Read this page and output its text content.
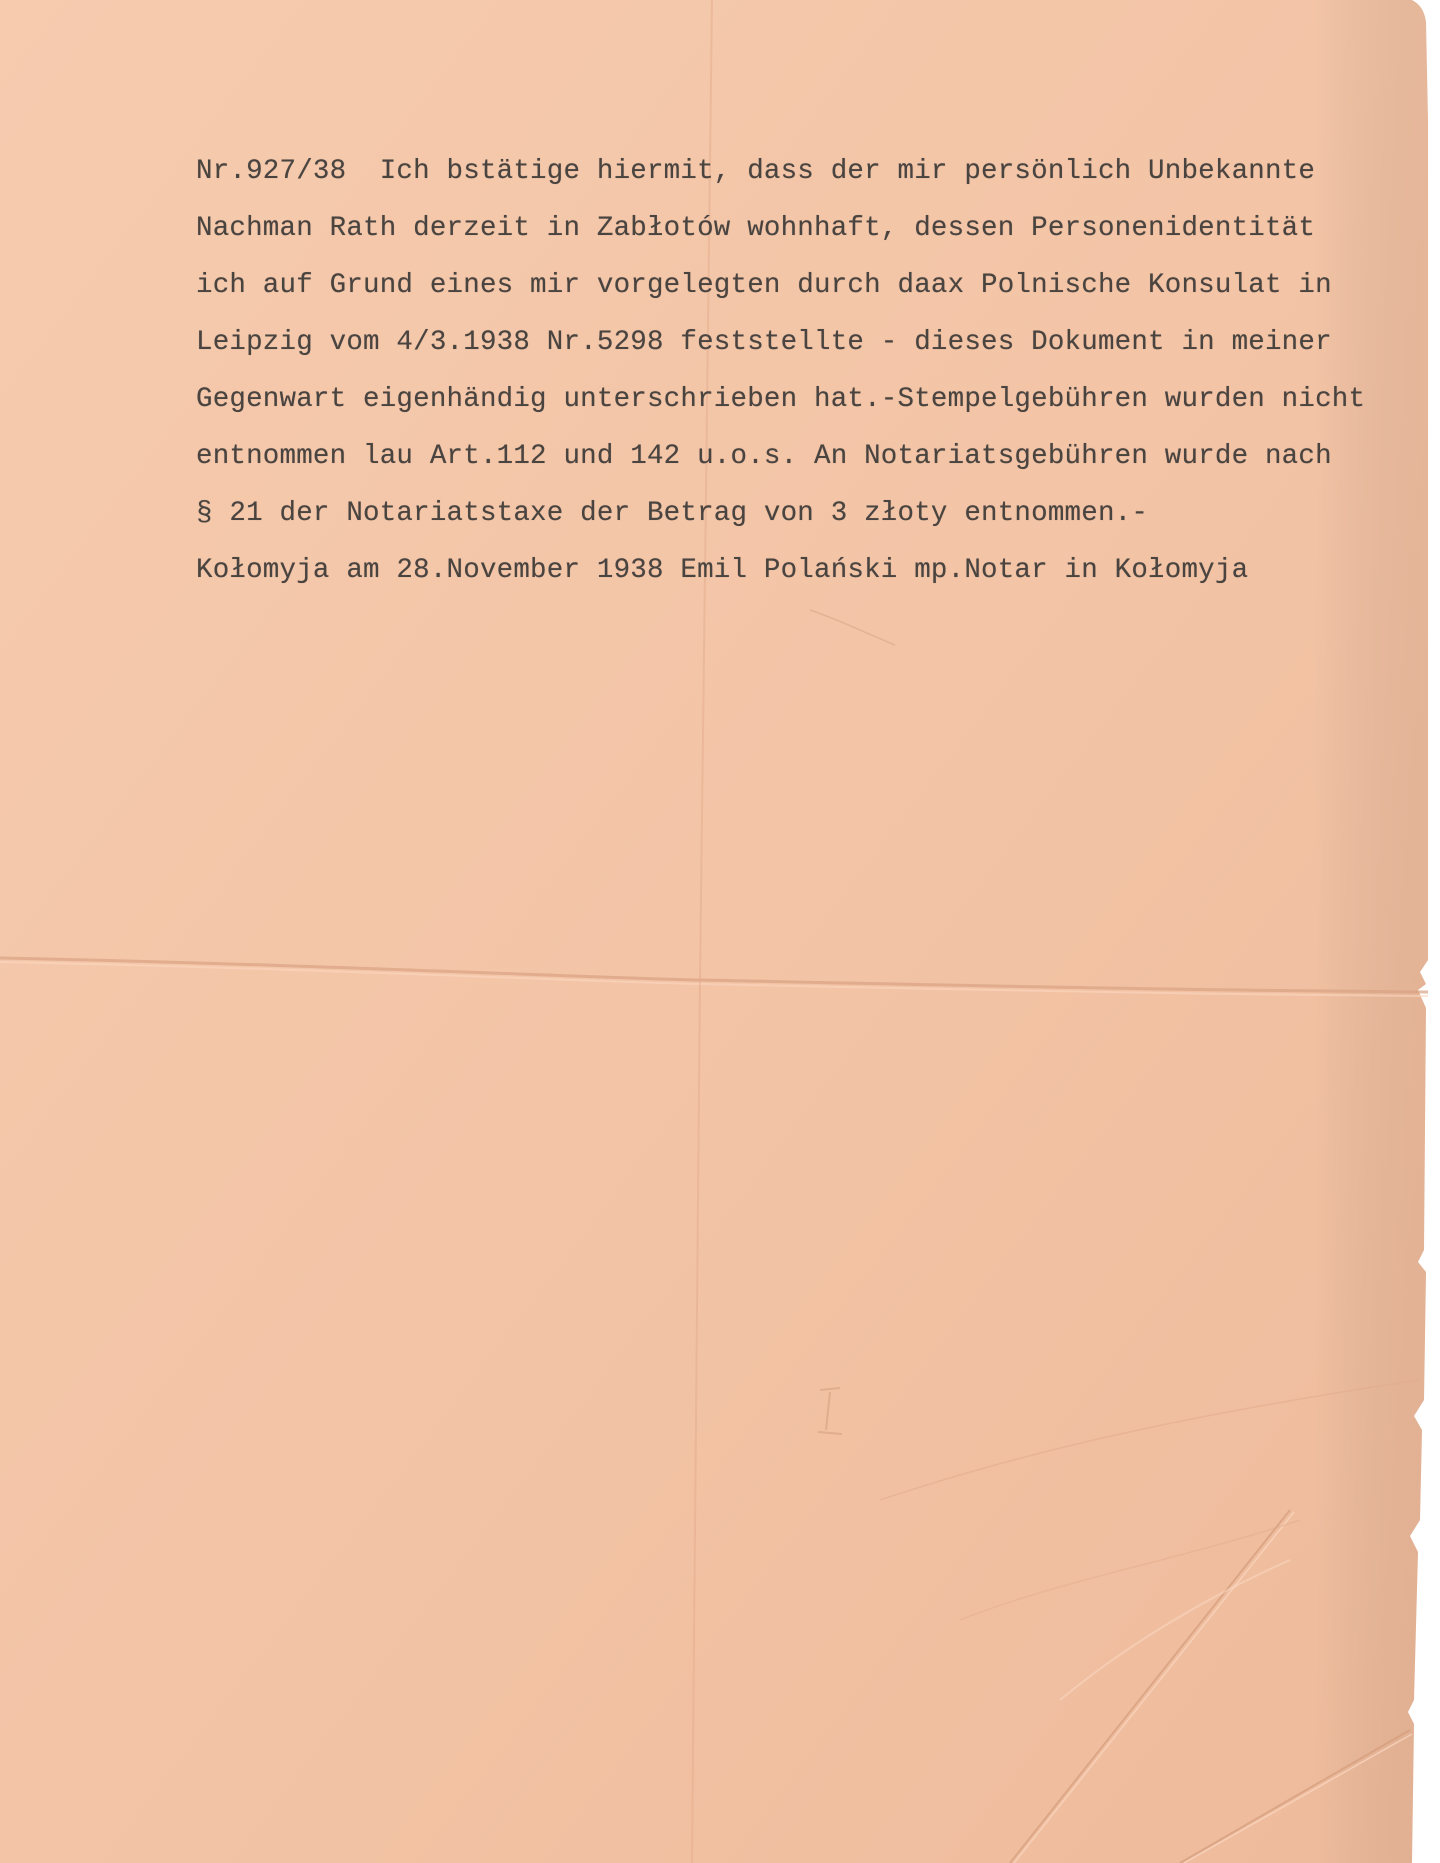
Nr.927/38  Ich bstätige hiermit, dass der mir persönlich Unbekannte
Nachman Rath derzeit in Zabłotów wohnhaft, dessen Personenidentität
ich auf Grund eines mir vorgelegten durch daax Polnische Konsulat in
Leipzig vom 4/3.1938 Nr.5298 feststellte - dieses Dokument in meiner
Gegenwart eigenhändig unterschrieben hat.-Stempelgebühren wurden nicht
entnommen lau Art.112 und 142 u.o.s. An Notariatsgebühren wurde nach
§ 21 der Notariatstaxe der Betrag von 3 złoty entnommen.-
Kołomyja am 28.November 1938 Emil Polański mp.Notar in Kołomyja
